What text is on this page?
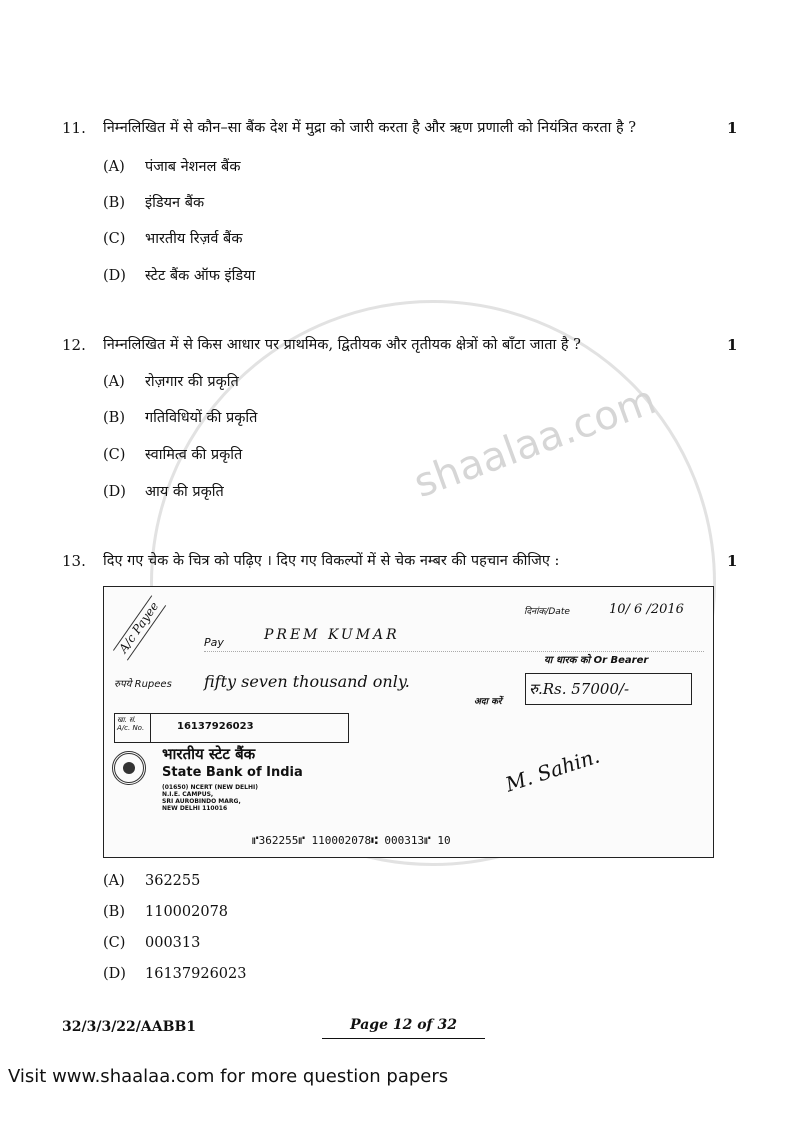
shaalaa.com
11. निम्नलिखित में से कौन–सा बैंक देश में मुद्रा को जारी करता है और ऋण प्रणाली को नियंत्रित करता है ?	1
(A) पंजाब नेशनल बैंक
(B) इंडियन बैंक
(C) भारतीय रिज़र्व बैंक
(D) स्टेट बैंक ऑफ इंडिया
12. निम्नलिखित में से किस आधार पर प्राथमिक, द्वितीयक और तृतीयक क्षेत्रों को बाँटा जाता है ?	1
(A) रोज़गार की प्रकृति
(B) गतिविधियों की प्रकृति
(C) स्वामित्व की प्रकृति
(D) आय की प्रकृति
13. दिए गए चेक के चित्र को पढ़िए । दिए गए विकल्पों में से चेक नम्बर की पहचान कीजिए :	1
A/c Payee	दिनांक/Date	10/ 6 /2016
Pay	PREM KUMAR
या धारक को Or Bearer
रुपये Rupees fifty seven thousand only.
अदा करें
रु.Rs. 57000/-
खा. सं. A/c. No.	16137926023
भारतीय स्टेट बैंक
State Bank of India
(01650) NCERT (NEW DELHI)
N.I.E. CAMPUS,
SRI AUROBINDO MARG,
NEW DELHI 110016
M. Sahin.
⑈362255⑈ 110002078⑆ 000313⑈ 10
(A) 362255
(B) 110002078
(C) 000313
(D) 16137926023
32/3/3/22/AABB1	Page 12 of 32
Visit www.shaalaa.com for more question papers
